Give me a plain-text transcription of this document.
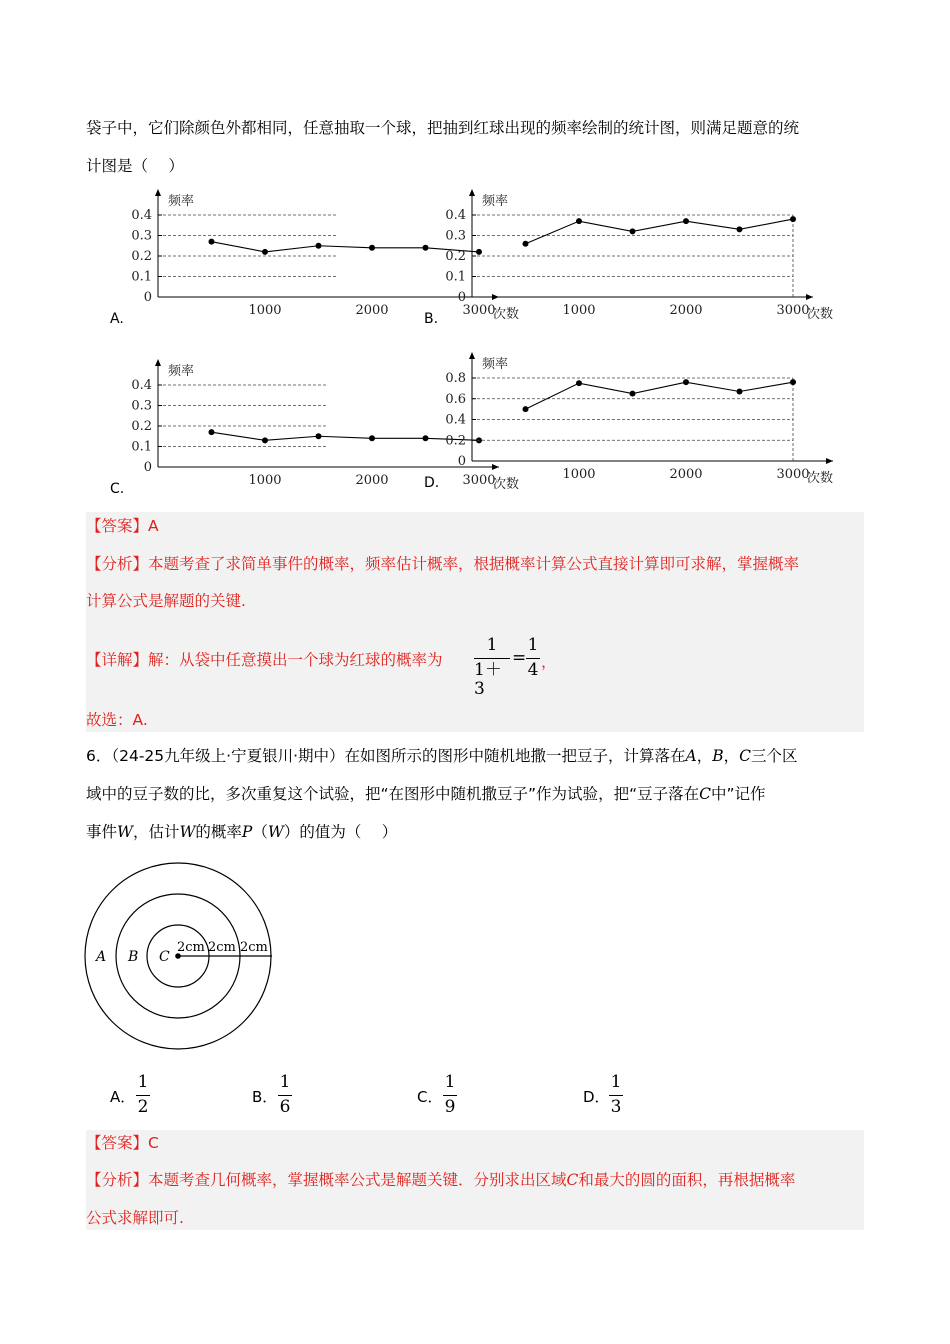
袋子中，它们除颜色外都相同，任意抽取一个球，把抽到红球出现的频率绘制的统计图，则满足题意的统
计图是（　 ）
0
0.1
0.2
0.3
0.4
1000	2000	3000
频率
次数
A.
0
0.1
0.2
0.3
0.4
1000	2000	3000
频率
次数
B.
0
0.1
0.2
0.3
0.4
1000	2000	3000
频率
次数
C.
0
0.2
0.4
0.6
0.8
1000	2000	3000
频率
次数
D.
【答案】A
【分析】本题考查了求简单事件的概率，频率估计概率，根据概率计算公式直接计算即可求解，掌握概率
计算公式是解题的关键.
【详解】解：从袋中任意摸出一个球为红球的概率为
1
1＋3
=
1
4 ，
故选：A.
6．（24-25九年级上·宁夏银川·期中）在如图所示的图形中随机地撒一把豆子，计算落在A，B，C三个区
域中的豆子数的比，多次重复这个试验，把“在图形中随机撒豆子”作为试验，把“豆子落在C中”记作
事件W，估计W的概率P（W）的值为（　 ）
A B C
2cm 2cm 2cm
A．
1
2	B．
1
6	C．
1
9	D．
1
3
【答案】C
【分析】本题考查几何概率，掌握概率公式是解题关键．分别求出区域C和最大的圆的面积，再根据概率
公式求解即可.
